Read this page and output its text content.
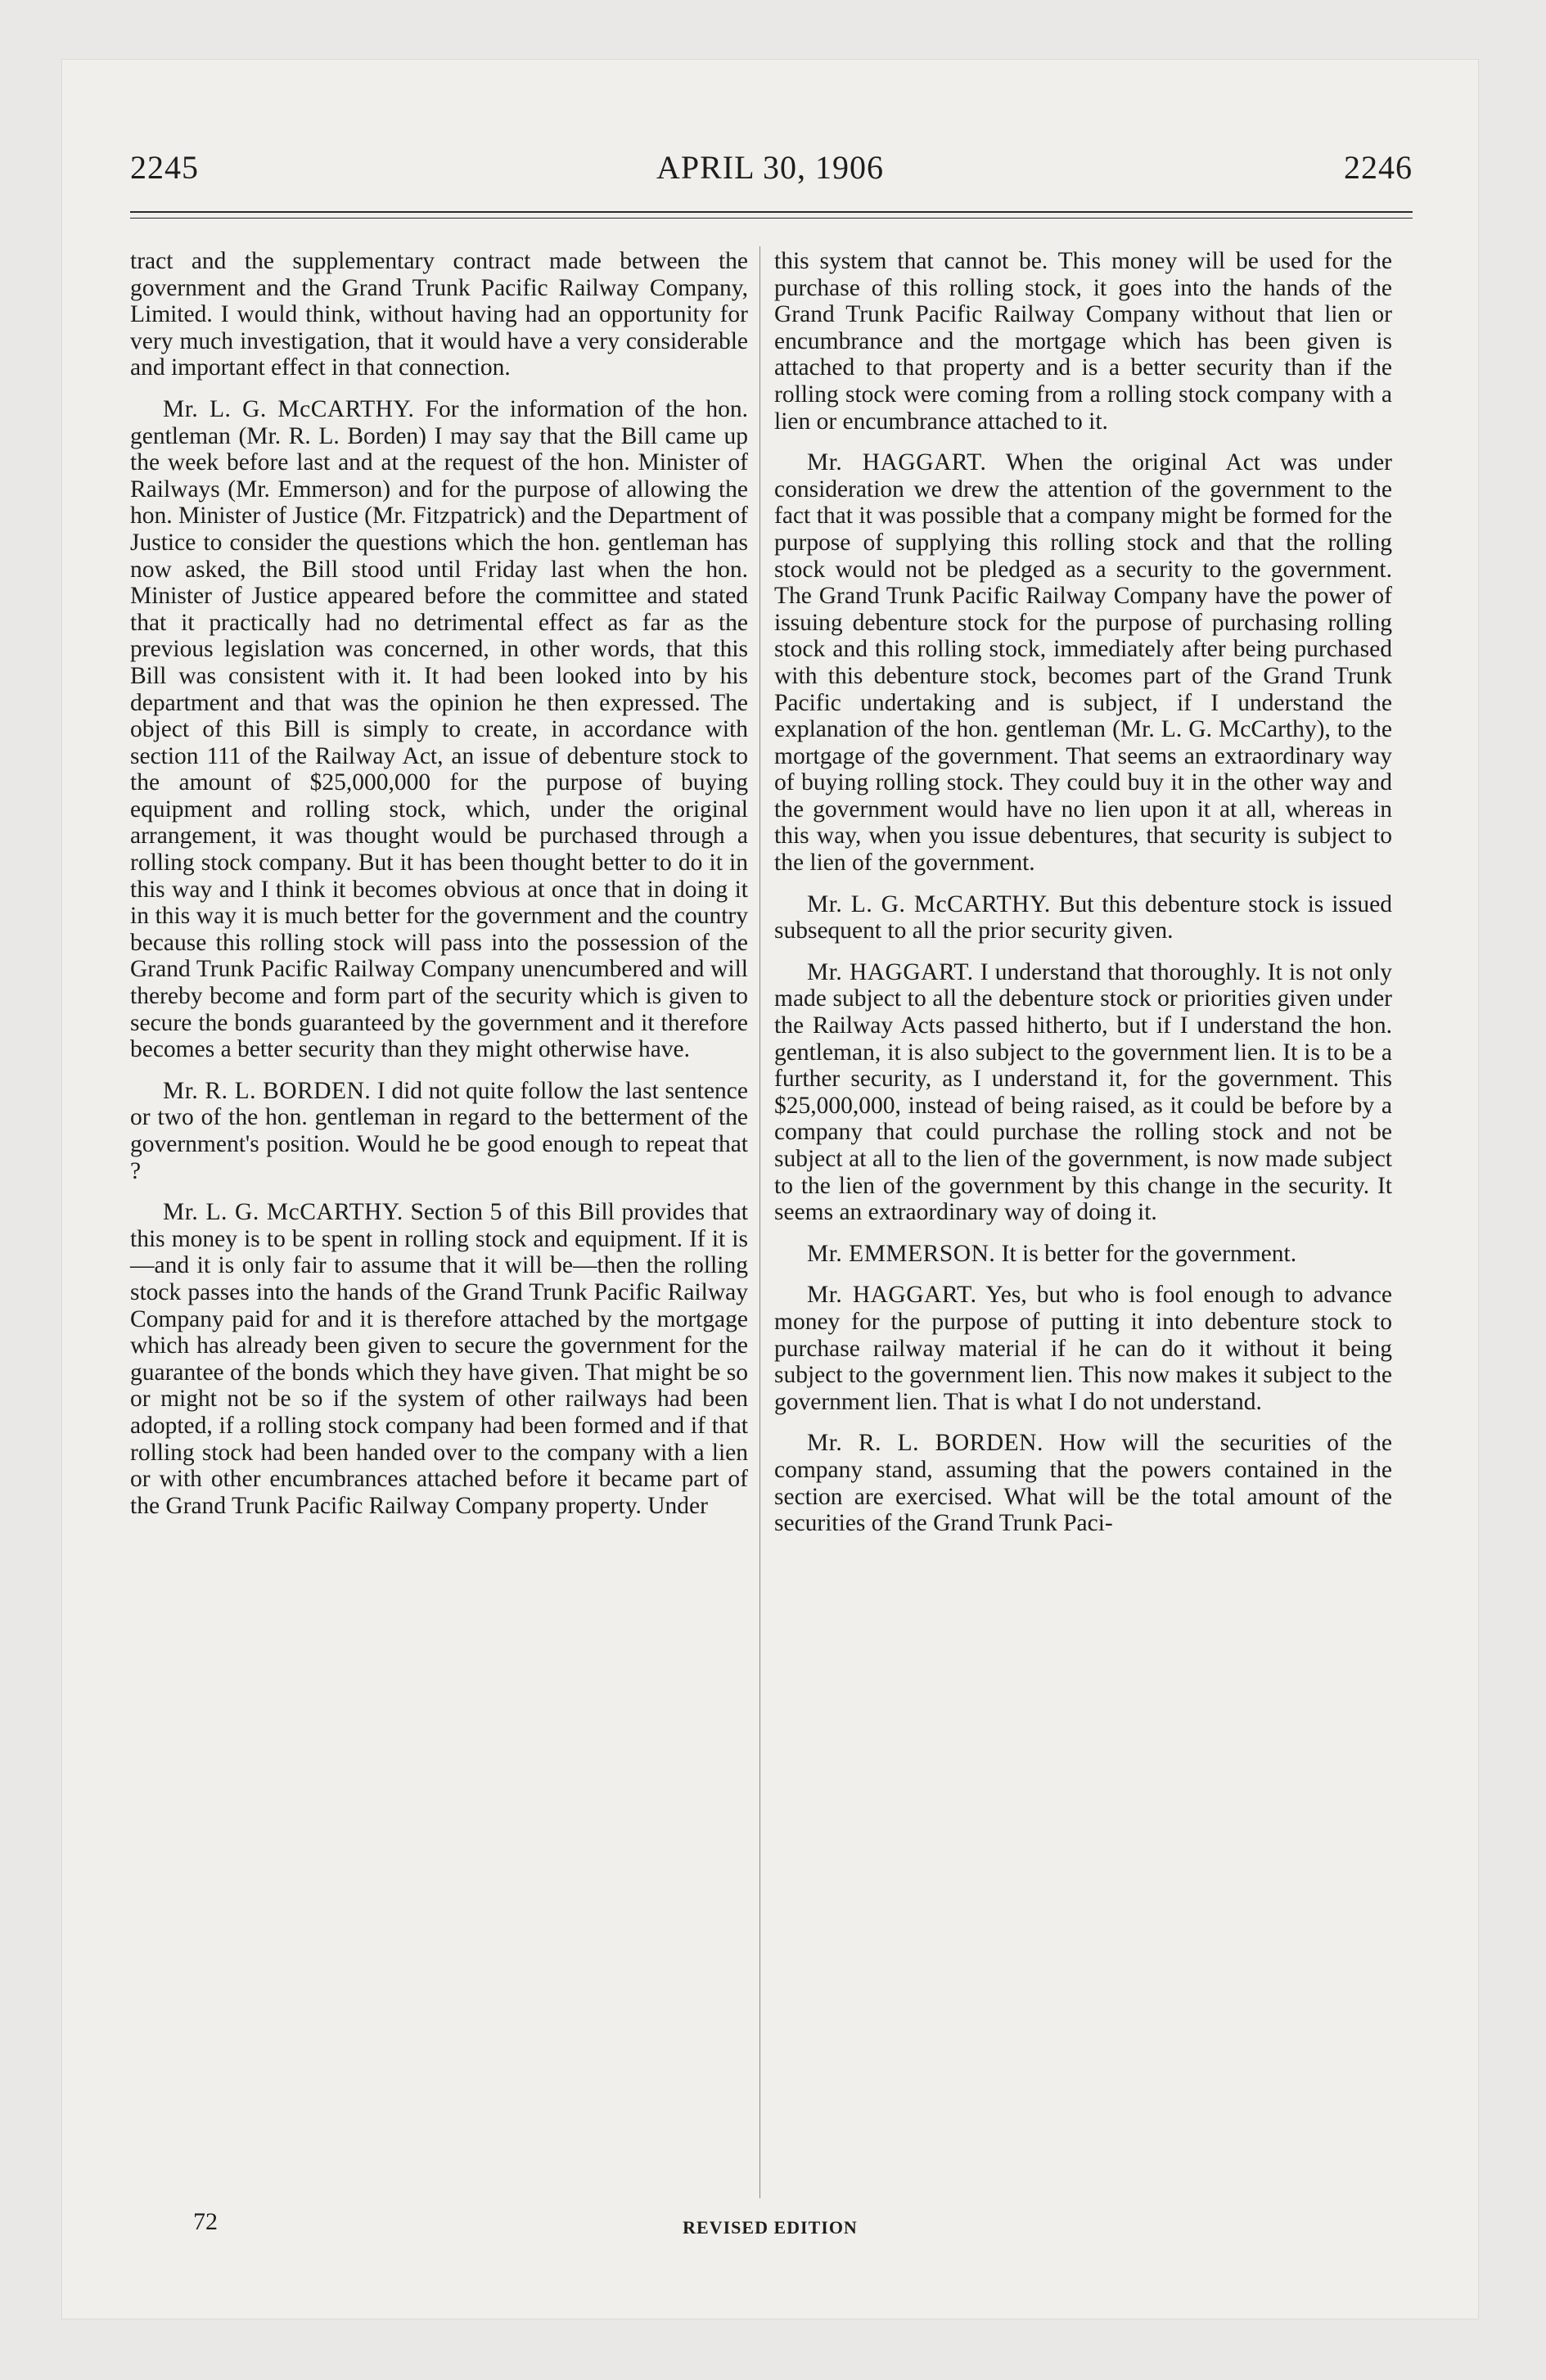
2245	APRIL 30, 1906	2246

tract and the supplementary contract made between the government and the Grand Trunk Pacific Railway Company, Limited. I would think, without having had an opportunity for very much investigation, that it would have a very considerable and important effect in that connection.

Mr. L. G. McCARTHY. For the information of the hon. gentleman (Mr. R. L. Borden) I may say that the Bill came up the week before last and at the request of the hon. Minister of Railways (Mr. Emmerson) and for the purpose of allowing the hon. Minister of Justice (Mr. Fitzpatrick) and the Department of Justice to consider the questions which the hon. gentleman has now asked, the Bill stood until Friday last when the hon. Minister of Justice appeared before the committee and stated that it practically had no detrimental effect as far as the previous legislation was concerned, in other words, that this Bill was consistent with it. It had been looked into by his department and that was the opinion he then expressed. The object of this Bill is simply to create, in accordance with section 111 of the Railway Act, an issue of debenture stock to the amount of $25,000,000 for the purpose of buying equipment and rolling stock, which, under the original arrangement, it was thought would be purchased through a rolling stock company. But it has been thought better to do it in this way and I think it becomes obvious at once that in doing it in this way it is much better for the government and the country because this rolling stock will pass into the possession of the Grand Trunk Pacific Railway Company unencumbered and will thereby become and form part of the security which is given to secure the bonds guaranteed by the government and it therefore becomes a better security than they might otherwise have.

Mr. R. L. BORDEN. I did not quite follow the last sentence or two of the hon. gentleman in regard to the betterment of the government's position. Would he be good enough to repeat that ?

Mr. L. G. McCARTHY. Section 5 of this Bill provides that this money is to be spent in rolling stock and equipment. If it is—and it is only fair to assume that it will be—then the rolling stock passes into the hands of the Grand Trunk Pacific Railway Company paid for and it is therefore attached by the mortgage which has already been given to secure the government for the guarantee of the bonds which they have given. That might be so or might not be so if the system of other railways had been adopted, if a rolling stock company had been formed and if that rolling stock had been handed over to the company with a lien or with other encumbrances attached before it became part of the Grand Trunk Pacific Railway Company property. Under

this system that cannot be. This money will be used for the purchase of this rolling stock, it goes into the hands of the Grand Trunk Pacific Railway Company without that lien or encumbrance and the mortgage which has been given is attached to that property and is a better security than if the rolling stock were coming from a rolling stock company with a lien or encumbrance attached to it.

Mr. HAGGART. When the original Act was under consideration we drew the attention of the government to the fact that it was possible that a company might be formed for the purpose of supplying this rolling stock and that the rolling stock would not be pledged as a security to the government. The Grand Trunk Pacific Railway Company have the power of issuing debenture stock for the purpose of purchasing rolling stock and this rolling stock, immediately after being purchased with this debenture stock, becomes part of the Grand Trunk Pacific undertaking and is subject, if I understand the explanation of the hon. gentleman (Mr. L. G. McCarthy), to the mortgage of the government. That seems an extraordinary way of buying rolling stock. They could buy it in the other way and the government would have no lien upon it at all, whereas in this way, when you issue debentures, that security is subject to the lien of the government.

Mr. L. G. McCARTHY. But this debenture stock is issued subsequent to all the prior security given.

Mr. HAGGART. I understand that thoroughly. It is not only made subject to all the debenture stock or priorities given under the Railway Acts passed hitherto, but if I understand the hon. gentleman, it is also subject to the government lien. It is to be a further security, as I understand it, for the government. This $25,000,000, instead of being raised, as it could be before by a company that could purchase the rolling stock and not be subject at all to the lien of the government, is now made subject to the lien of the government by this change in the security. It seems an extraordinary way of doing it.

Mr. EMMERSON. It is better for the government.

Mr. HAGGART. Yes, but who is fool enough to advance money for the purpose of putting it into debenture stock to purchase railway material if he can do it without it being subject to the government lien. This now makes it subject to the government lien. That is what I do not understand.

Mr. R. L. BORDEN. How will the securities of the company stand, assuming that the powers contained in the section are exercised. What will be the total amount of the securities of the Grand Trunk Paci-

72	REVISED EDITION
